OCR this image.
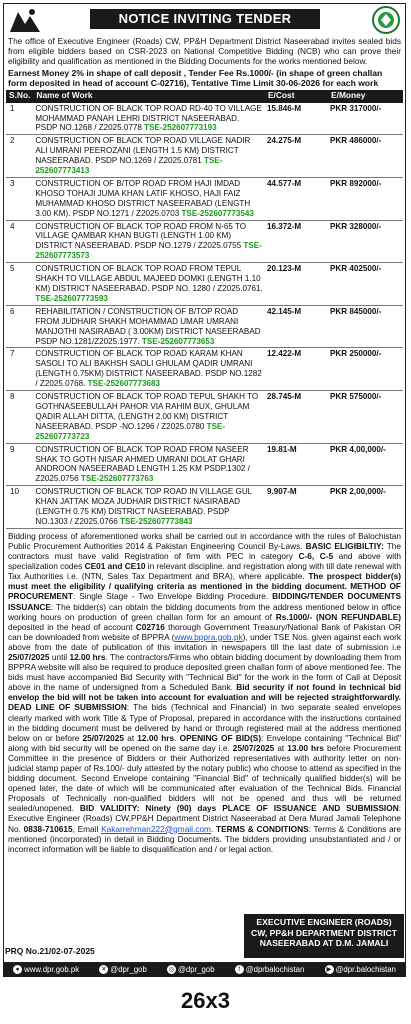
NOTICE INVITING TENDER
The office of Executive Engineer (Roads) CW, PP&H Department District Naseerabad invites sealed bids from eligible bidders based on CSR-2023 on National Competitive Bidding (NCB) who can prove their eligibility and qualification as mentioned in the Bidding Documents for the works mentioned below.
Earnest Money 2% in shape of call deposit , Tender Fee Rs.1000/- (in shape of green challan form deposited in head of account C-02716), Tentative Time Limit 30-06-2026 for each work
S.No.	Name of Work	E/Cost	E/Money
1	CONSTRUCTION OF BLACK TOP ROAD RD-40 TO VILLAGE MOHAMMAD PANAH LEHRI DISTRICT NASEERABAD. PSDP NO.1268 / Z2025.0778 TSE-252607773193	15.846-M	PKR 317000/-
2	CONSTRUCTION OF BLACK TOP ROAD VILLAGE NADIR ALI UMRANI PEEROZANI (LENGTH 1.5 KM) DISTRICT NASEERABAD. PSDP NO.1269 / Z2025.0781 TSE-252607773413	24.275-M	PKR 486000/-
3	CONSTRUCTION OF B/TOP ROAD FROM HAJI IMDAD KHOSO TOHAJI JUMA KHAN LATIF KHOSO, HAJI FAIZ MUHAMMAD KHOSO DISTRICT NASEERABAD (LENGTH 3.00 KM). PSDP NO.1271 / Z2025.0703 TSE-252607773543	44.577-M	PKR 892000/-
4	CONSTRUCTION OF BLACK TOP ROAD FROM N-65 TO VILLAGE QAMBAR KHAN BUGTI (LENGTH 1.00 KM) DISTRICT NASEERABAD. PSDP NO.1279 / Z2025.0755 TSE-252607773573	16.372-M	PKR 328000/-
5	CONSTRUCTION OF BLACK TOP ROAD FROM TEPUL SHAKH TO VILLAGE ABDUL MAJEED DOMKI (LENGTH 1.10 KM) DISTRICT NASEERABAD. PSDP NO. 1280 / Z2025.0761. TSE-252607773593	20.123-M	PKR 402500/-
6	REHABILITATION / CONSTRUCTION OF B/TOP ROAD FROM JUDHAIR SHAKH MOHAMMAD UMAR UMRANI MANJOTHI NASIRABAD ( 3.00KM) DISTRICT NASEERABAD PSDP NO.1281/Z2025.1977. TSE-252607773653	42.145-M	PKR 845000/-
7	CONSTRUCTION OF BLACK TOP ROAD KARAM KHAN SASOLI TO ALI BAKHSH SAOLI GHULAM QADIR UMRANI (LENGTH 0.75KM) DISTRICT NASEERABAD. PSDP NO.1282 / Z2025.0768. TSE-252607773683	12.422-M	PKR 250000/-
8	CONSTRUCTION OF BLACK TOP ROAD TEPUL SHAKH TO GOTHNASEEBULLAH PAHOR VIA RAHIM BUX, GHULAM QADIR ALLAH DITTA, (LENGTH 2.00 KM) DISTRICT NASEERABAD. PSDP -NO.1296 / Z2025.0780 TSE-252607773723	28.745-M	PKR 575000/-
9	CONSTRUCTION OF BLACK TOP ROAD FROM NASEER SHAK TO GOTH NISAR AHMED UMRANI DOLAT GHARI ANDROON NASEERABAD LENGTH 1.25 KM PSDP.1302 / Z2025.0756 TSE-252607773763	19.81-M	PKR 4,00,000/-
10	CONSTRUCTION OF BLACK TOP ROAD IN VILLAGE GUL KHAN JATTAK MOZA JUDHAIR DISTRICT NASIRABAD (LENGTH 0.75 KM) DISTRICT NASEERABAD. PSDP NO.1303 / Z2025.0766 TSE-252607773843	9.907-M	PKR 2,00,000/-
Bidding process of aforementioned works shall be carried out in accordance with the rules of Balochistan Public Procurement Authorities 2014 & Pakistan Engineering Council By-Laws. BASIC ELIGIBILTIY: The contractors must have valid Registration of firm with PEC in category C-6, C-5 and above with specialization codes CE01 and CE10 in relevant discipline. and registration along with till date renewal with Tax Authorities i.e. (NTN, Sales Tax Department and BRA), where applicable. The prospect bidder(s) must meet the eligibility / qualifying criteria as mentioned in the bidding document. METHOD OF PROCUREMENT: Single Stage - Two Envelope Bidding Procedure. BIDDING/TENDER DOCUMENTS ISSUANCE: The bidder(s) can obtain the bidding documents from the address mentioned below in office working hours on production of green challan form for an amount of Rs.1000/- (NON REFUNDABLE) deposited in the head of account C02716 thorough Government Treasury/National Bank of Pakistan OR can be downloaded from website of BPPRA (www.bppra.gob.pk), under TSE Nos. given against each work above from the date of publication of this invitation in newspapers till the last date of submission i.e 25/07/2025 until 12.00 hrs. The contractors/Firms who obtain bidding document by downloading them from BPPRA website will also be required to produce deposited green challan form of above mentioned fee. The bids must have accompanied Bid Security with "Technical Bid" for the work in the form of Call at Deposit above in the name of undersigned from a Scheduled Bank. Bid security if not found in technical bid envelop the bid will not be taken into account for evaluation and will be rejected straightforwardly. DEAD LINE OF SUBMISSION: The bids (Technical and Financial) in two separate sealed envelopes clearly marked with work Title & Type of Proposal, prepared in accordance with the instructions contained in the bidding document must be delivered by hand or through registered mail at the address mentioned below on or before 25/07/2025 at 12.00 hrs. OPENING OF BID(S): Envelope containing "Technical Bid" along with bid security will be opened on the same day i.e. 25/07/2025 at 13.00 hrs before Procurement Committee in the presence of Bidders or their Authorized representatives with authority letter on non-judicial stamp paper of Rs.100/- duly attested by the notary public) who choose to attend as specified in the bidding document. Second Envelope containing "Financial Bid" of technically qualified bidder(s) will be opened later, the date of which will be communicated after evaluation of the Technical Bids. Financial Proposals of Technically non-qualified bidders will not be opened and thus will be returned sealed/unopened. BID VALIDITY: Ninety (90) days PLACE OF ISSUANCE AND SUBMISSION: Executive Engineer (Roads) CW,PP&H Department District Naseerabad at Dera Murad Jamali Telephone No. 0838-710615, Email Kakarrehman222@gmail.com. TERMS & CONDITIONS: Terms & Conditions are mentioned (incorporated) in detail in Bidding Documents. The bidders providing unsubstantiated and / or incorrect information will be liable to disqualification and / or legal action.
PRQ No.21/02-07-2025
EXECUTIVE ENGINEER (ROADS)
CW, PP&H DEPARTMENT DISTRICT
NASEERABAD AT D.M. JAMALI
● www.dpr.gob.pk	✕ @dpr_gob	◎ @dpr_gob	f @dprbalochistan	▶ @dpr.balochistan
26x3
